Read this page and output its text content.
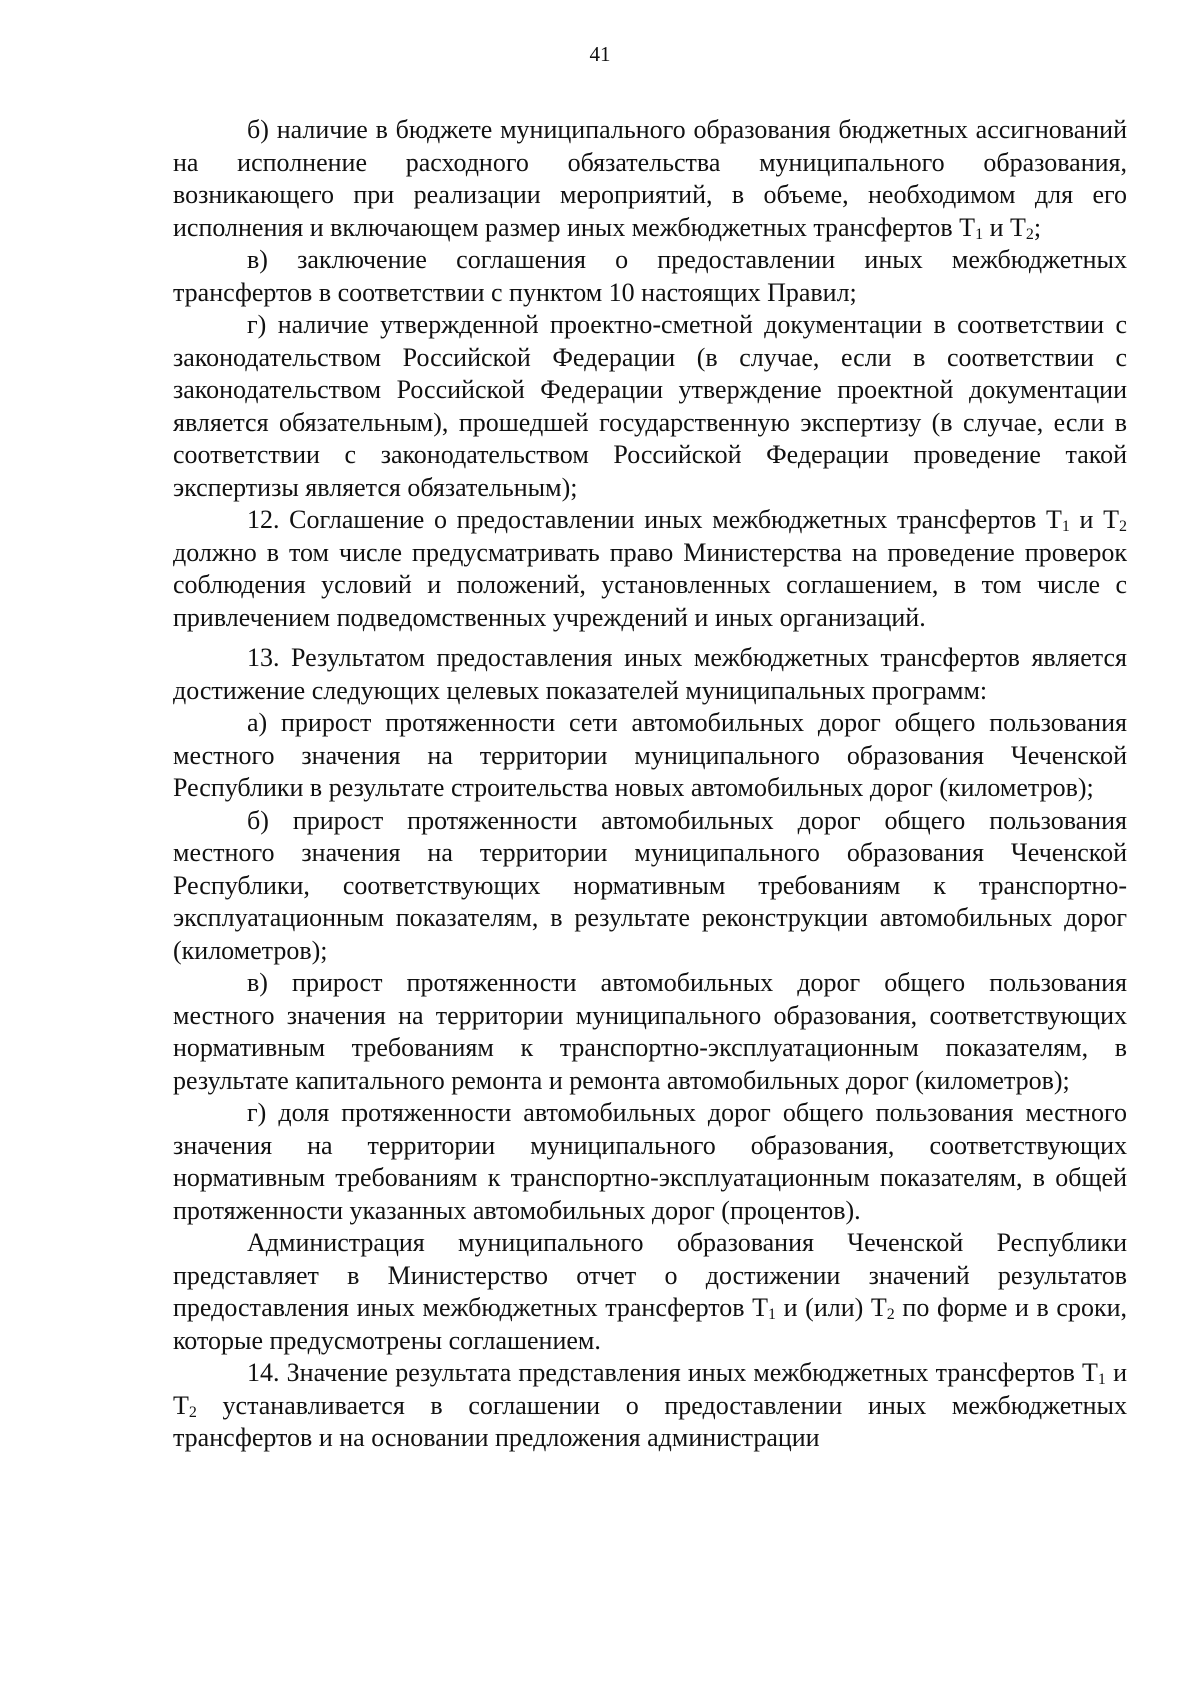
41

б) наличие в бюджете муниципального образования бюджетных ассигнований на исполнение расходного обязательства муниципального образования, возникающего при реализации мероприятий, в объеме, необходимом для его исполнения и включающем размер иных межбюджетных трансфертов $Т_1$ и $Т_2$;

в) заключение соглашения о предоставлении иных межбюджетных трансфертов в соответствии с пунктом 10 настоящих Правил;

г) наличие утвержденной проектно-сметной документации в соответствии с законодательством Российской Федерации (в случае, если в соответствии с законодательством Российской Федерации утверждение проектной документации является обязательным), прошедшей государственную экспертизу (в случае, если в соответствии с законодательством Российской Федерации проведение такой экспертизы является обязательным);

12. Соглашение о предоставлении иных межбюджетных трансфертов $Т_1$ и $Т_2$ должно в том числе предусматривать право Министерства на проведение проверок соблюдения условий и положений, установленных соглашением, в том числе с привлечением подведомственных учреждений и иных организаций.

13. Результатом предоставления иных межбюджетных трансфертов является достижение следующих целевых показателей муниципальных программ:

а) прирост протяженности сети автомобильных дорог общего пользования местного значения на территории муниципального образования Чеченской Республики в результате строительства новых автомобильных дорог (километров);

б) прирост протяженности автомобильных дорог общего пользования местного значения на территории муниципального образования Чеченской Республики, соответствующих нормативным требованиям к транспортно-эксплуатационным показателям, в результате реконструкции автомобильных дорог (километров);

в) прирост протяженности автомобильных дорог общего пользования местного значения на территории муниципального образования, соответствующих нормативным требованиям к транспортно-эксплуатационным показателям, в результате капитального ремонта и ремонта автомобильных дорог (километров);

г) доля протяженности автомобильных дорог общего пользования местного значения на территории муниципального образования, соответствующих нормативным требованиям к транспортно-эксплуатационным показателям, в общей протяженности указанных автомобильных дорог (процентов).

Администрация муниципального образования Чеченской Республики представляет в Министерство отчет о достижении значений результатов предоставления иных межбюджетных трансфертов $Т_1$ и (или) $Т_2$ по форме и в сроки, которые предусмотрены соглашением.

14. Значение результата представления иных межбюджетных трансфертов $Т_1$ и $Т_2$ устанавливается в соглашении о предоставлении иных межбюджетных трансфертов и на основании предложения администрации
